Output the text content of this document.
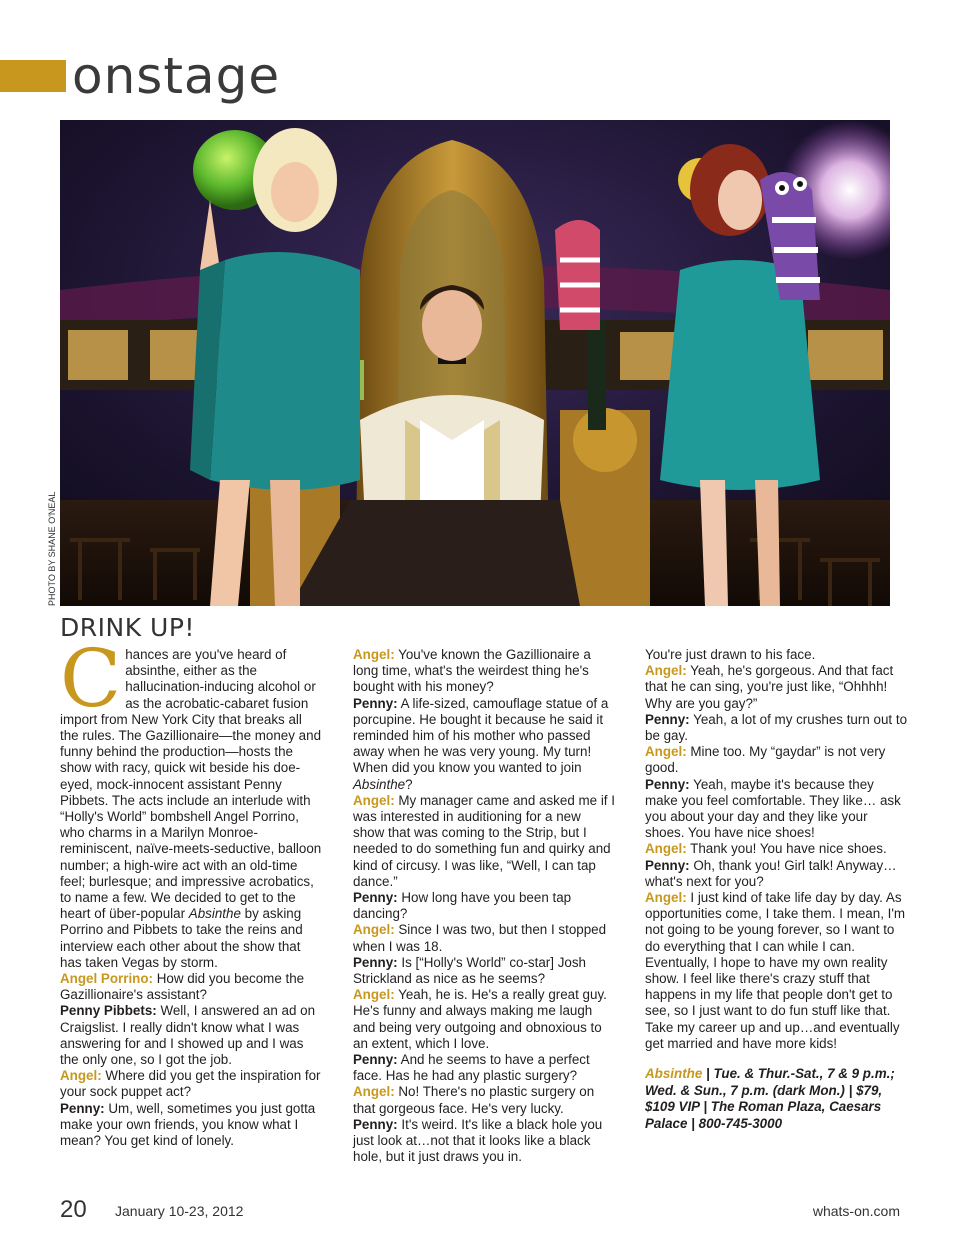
onstage
PHOTO BY SHANE O'NEAL
DRINK UP!

Chances are you've heard of absinthe, either as the hallucination-inducing alcohol or as the acrobatic-cabaret fusion import from New York City that breaks all the rules. The Gazillionaire—the money and funny behind the production—hosts the show with racy, quick wit beside his doe-eyed, mock-innocent assistant Penny Pibbets. The acts include an interlude with “Holly's World” bombshell Angel Porrino, who charms in a Marilyn Monroe-reminiscent, naïve-meets-seductive, balloon number; a high-wire act with an old-time feel; burlesque; and impressive acrobatics, to name a few. We decided to get to the heart of über-popular Absinthe by asking Porrino and Pibbets to take the reins and interview each other about the show that has taken Vegas by storm.

Angel Porrino: How did you become the Gazillionaire's assistant?

Penny Pibbets: Well, I answered an ad on Craigslist. I really didn't know what I was answering for and I showed up and I was the only one, so I got the job.

Angel: Where did you get the inspiration for your sock puppet act?

Penny: Um, well, sometimes you just gotta make your own friends, you know what I mean? You get kind of lonely.

Angel: You've known the Gazillionaire a long time, what's the weirdest thing he's bought with his money?

Penny: A life-sized, camouflage statue of a porcupine. He bought it because he said it reminded him of his mother who passed away when he was very young. My turn! When did you know you wanted to join Absinthe?

Angel: My manager came and asked me if I was interested in auditioning for a new show that was coming to the Strip, but I needed to do something fun and quirky and kind of circusy. I was like, “Well, I can tap dance.”

Penny: How long have you been tap dancing?

Angel: Since I was two, but then I stopped when I was 18.

Penny: Is [“Holly's World” co-star] Josh Strickland as nice as he seems?

Angel: Yeah, he is. He's a really great guy. He's funny and always making me laugh and being very outgoing and obnoxious to an extent, which I love.

Penny: And he seems to have a perfect face. Has he had any plastic surgery?

Angel: No! There's no plastic surgery on that gorgeous face. He's very lucky.

Penny: It's weird. It's like a black hole you just look at…not that it looks like a black hole, but it just draws you in.

You're just drawn to his face.

Angel: Yeah, he's gorgeous. And that fact that he can sing, you're just like, “Ohhhh! Why are you gay?”

Penny: Yeah, a lot of my crushes turn out to be gay.

Angel: Mine too. My “gaydar” is not very good.

Penny: Yeah, maybe it's because they make you feel comfortable. They like… ask you about your day and they like your shoes. You have nice shoes!

Angel: Thank you! You have nice shoes.

Penny: Oh, thank you! Girl talk! Anyway… what's next for you?

Angel: I just kind of take life day by day. As opportunities come, I take them. I mean, I'm not going to be young forever, so I want to do everything that I can while I can. Eventually, I hope to have my own reality show. I feel like there's crazy stuff that happens in my life that people don't get to see, so I just want to do fun stuff like that. Take my career up and up…and eventually get married and have more kids!

Absinthe | Tue. & Thur.-Sat., 7 & 9 p.m.; Wed. & Sun., 7 p.m. (dark Mon.) | $79, $109 VIP | The Roman Plaza, Caesars Palace | 800-745-3000

20 January 10-23, 2012	whats-on.com
